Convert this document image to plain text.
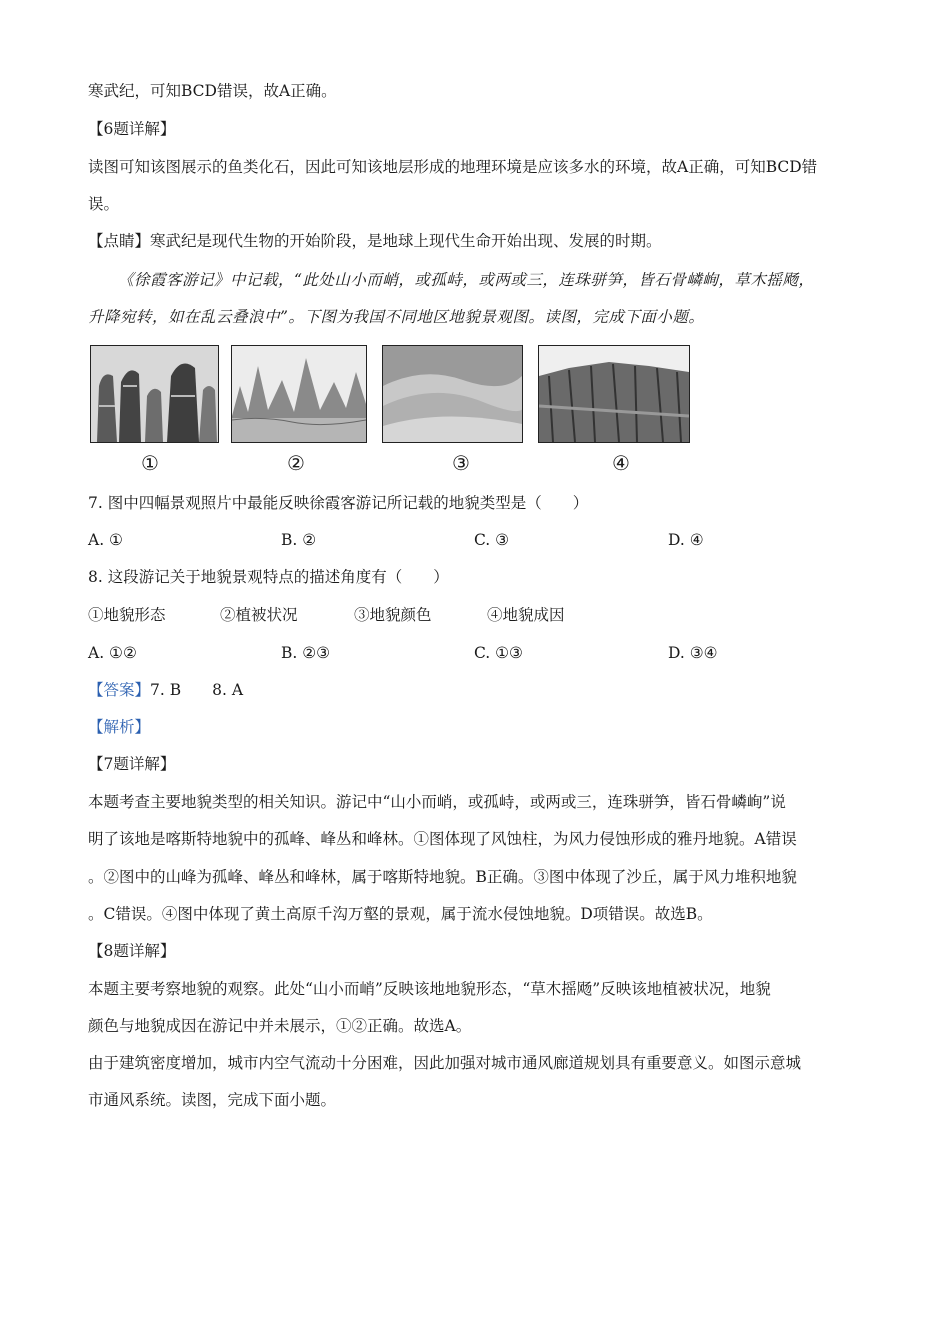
寒武纪，可知BCD错误，故A正确。
【6题详解】
读图可知该图展示的鱼类化石，因此可知该地层形成的地理环境是应该多水的环境，故A正确，可知BCD错
误。
【点睛】寒武纪是现代生物的开始阶段，是地球上现代生命开始出现、发展的时期。
《徐霞客游记》中记载，“此处山小而峭，或孤峙，或两或三，连珠骈笋，皆石骨嶙峋，草木摇飏，
升降宛转，如在乱云叠浪中”。下图为我国不同地区地貌景观图。读图，完成下面小题。
①	②	③	④
7. 图中四幅景观照片中最能反映徐霞客游记所记载的地貌类型是（　　）
A. ①	B. ②	C. ③	D. ④
8. 这段游记关于地貌景观特点的描述角度有（　　）
①地貌形态	②植被状况	③地貌颜色	④地貌成因
A. ①②	B. ②③	C. ①③	D. ③④
【答案】7. B　　8. A
【解析】
【7题详解】
本题考查主要地貌类型的相关知识。游记中“山小而峭，或孤峙，或两或三，连珠骈笋，皆石骨嶙峋”说
明了该地是喀斯特地貌中的孤峰、峰丛和峰林。①图体现了风蚀柱，为风力侵蚀形成的雅丹地貌。A错误
。②图中的山峰为孤峰、峰丛和峰林，属于喀斯特地貌。B正确。③图中体现了沙丘，属于风力堆积地貌
。C错误。④图中体现了黄土高原千沟万壑的景观，属于流水侵蚀地貌。D项错误。故选B。
【8题详解】
本题主要考察地貌的观察。此处“山小而峭”反映该地地貌形态，“草木摇飏”反映该地植被状况，地貌
颜色与地貌成因在游记中并未展示，①②正确。故选A。
由于建筑密度增加，城市内空气流动十分困难，因此加强对城市通风廊道规划具有重要意义。如图示意城
市通风系统。读图，完成下面小题。
